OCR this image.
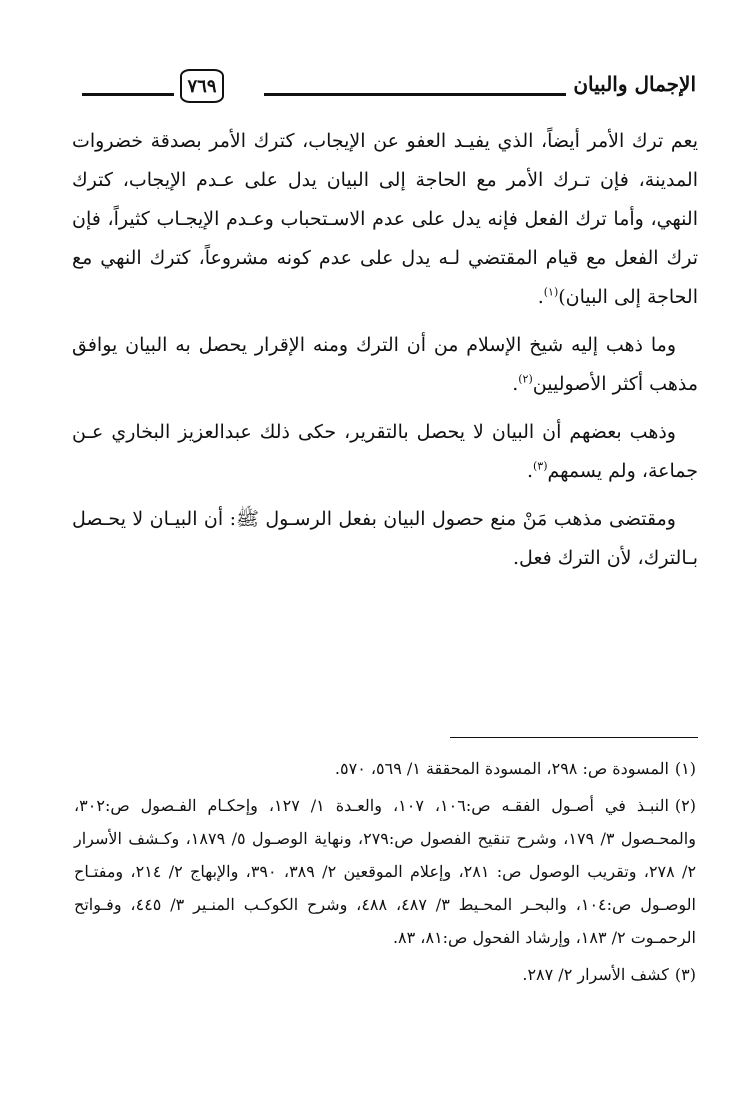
الإجمال والبيان
٧٦٩

يعم ترك الأمر أيضاً، الذي يفيـد العفو عن الإيجاب، كترك الأمر بصدقة خضروات المدينة، فإن تـرك الأمر مع الحاجة إلى البيان يدل على عـدم الإيجاب، كترك النهي، وأما ترك الفعل فإنه يدل على عدم الاسـتحباب وعـدم الإيجـاب كثيراً، فإن ترك الفعل مع قيام المقتضي لـه يدل على عدم كونه مشروعاً، كترك النهي مع الحاجة إلى البيان)$^{(١)}$.

وما ذهب إليه شيخ الإسلام من أن الترك ومنه الإقرار يحصل به البيان يوافق مذهب أكثر الأصوليين$^{(٢)}$.

وذهب بعضهم أن البيان لا يحصل بالتقرير، حكى ذلك عبدالعزيز البخاري عـن جماعة، ولم يسمهم$^{(٣)}$.

ومقتضى مذهب مَنْ منع حصول البيان بفعل الرسـول ﷺ: أن البيـان لا يحـصل بـالترك، لأن الترك فعل.

(١)المسودة ص: ٢٩٨، المسودة المحققة ١/ ٥٦٩، ٥٧٠.
(٢)النبـذ في أصـول الفقـه ص:١٠٦، ١٠٧، والعـدة ١/ ١٢٧، وإحكـام الفـصول ص:٣٠٢، والمحـصول ٣/ ١٧٩، وشرح تنقيح الفصول ص:٢٧٩، ونهاية الوصـول ٥/ ١٨٧٩، وكـشف الأسرار ٢/ ٢٧٨، وتقريب الوصول ص: ٢٨١، وإعلام الموقعين ٢/ ٣٨٩، ٣٩٠، والإبهاج ٢/ ٢١٤، ومفتـاح الوصـول ص:١٠٤، والبحـر المحـيط ٣/ ٤٨٧، ٤٨٨، وشرح الكوكـب المنـير ٣/ ٤٤٥، وفـواتح الرحمـوت ٢/ ١٨٣، وإرشاد الفحول ص:٨١، ٨٣.
(٣)كشف الأسرار ٢/ ٢٨٧.
